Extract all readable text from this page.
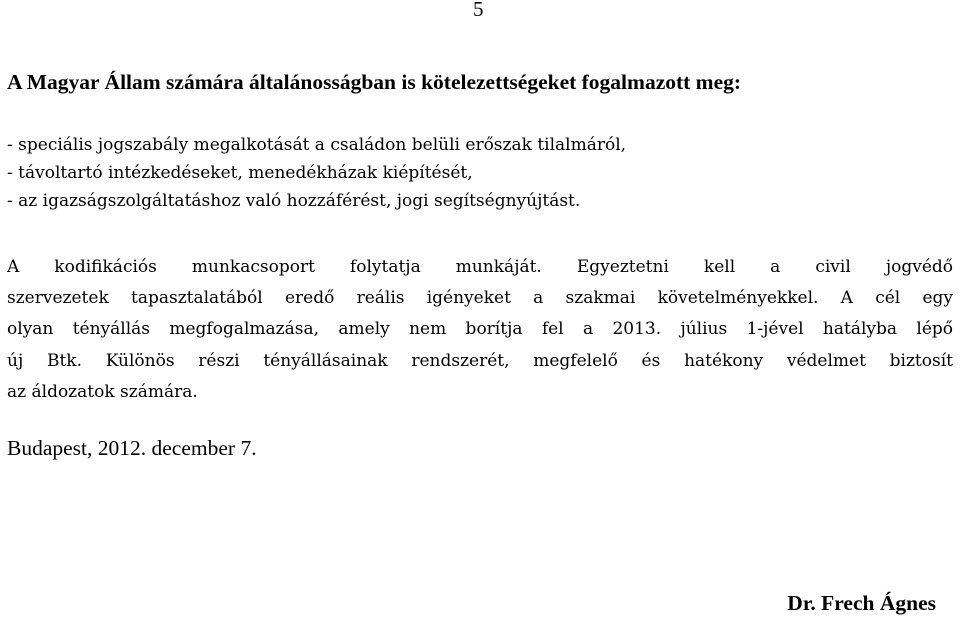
5
A Magyar Állam számára általánosságban is kötelezettségeket fogalmazott meg:
- speciális jogszabály megalkotását a családon belüli erőszak tilalmáról,
- távoltartó intézkedéseket, menedékházak kiépítését,
- az igazságszolgáltatáshoz való hozzáférést, jogi segítségnyújtást.

A kodifikációs munkacsoport folytatja munkáját. Egyeztetni kell a civil jogvédő
szervezetek tapasztalatából eredő reális igényeket a szakmai követelményekkel. A cél egy
olyan tényállás megfogalmazása, amely nem borítja fel a 2013. július 1-jével hatályba lépő
új Btk. Különös részi tényállásainak rendszerét, megfelelő és hatékony védelmet biztosít
az áldozatok számára.

Budapest, 2012. december 7.
Dr. Frech Ágnes
